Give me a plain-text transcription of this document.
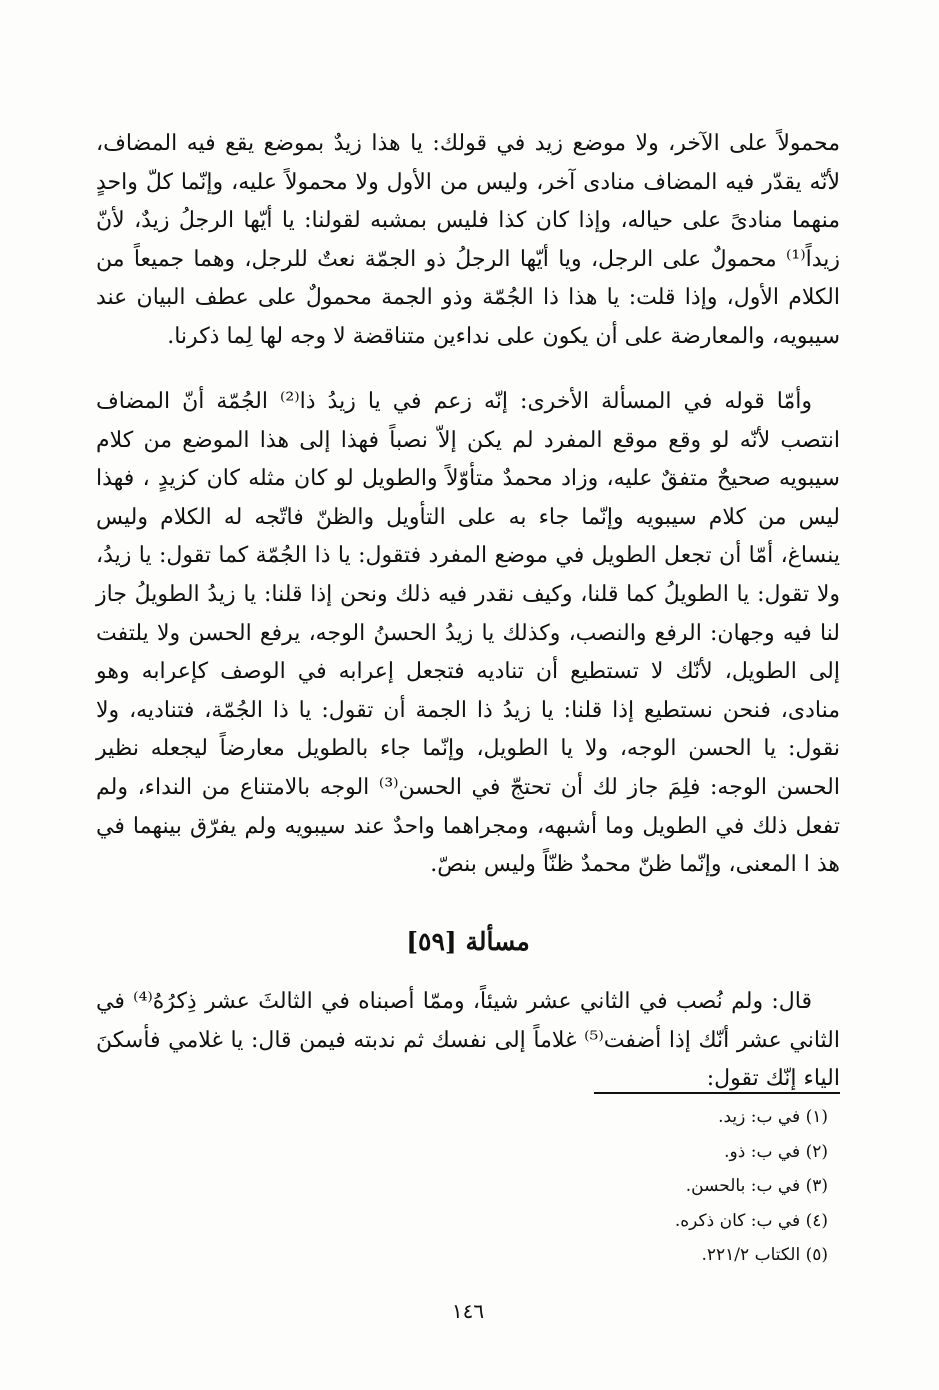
محمولاً على الآخر، ولا موضع زيد في قولك: يا هذا زيدٌ بموضع يقع فيه المضاف، لأنّه يقدّر فيه المضاف منادى آخر، وليس من الأول ولا محمولاً عليه، وإنّما كلّ واحدٍ منهما منادىً على حياله، وإذا كان كذا فليس بمشبه لقولنا: يا أيّها الرجلُ زيدٌ، لأنّ زيداً⁽¹⁾ محمولٌ على الرجل، ويا أيّها الرجلُ ذو الجمّة نعتٌ للرجل، وهما جميعاً من الكلام الأول، وإذا قلت: يا هذا ذا الجُمّة وذو الجمة محمولٌ على عطف البيان عند سيبويه، والمعارضة على أن يكون على نداءين متناقضة لا وجه لها لِما ذكرنا.

وأمّا قوله في المسألة الأخرى: إنّه زعم في يا زيدُ ذا⁽²⁾ الجُمّة أنّ المضاف انتصب لأنّه لو وقع موقع المفرد لم يكن إلاّ نصباً فهذا إلى هذا الموضع من كلام سيبويه صحيحٌ متفقٌ عليه، وزاد محمدٌ متأوّلاً والطويل لو كان مثله كان كزيدٍ ، فهذا ليس من كلام سيبويه وإنّما جاء به على التأويل والظنّ فاتّجه له الكلام وليس ينساغ، أمّا أن تجعل الطويل في موضع المفرد فتقول: يا ذا الجُمّة كما تقول: يا زيدُ، ولا تقول: يا الطويلُ كما قلنا، وكيف نقدر فيه ذلك ونحن إذا قلنا: يا زيدُ الطويلُ جاز لنا فيه وجهان: الرفع والنصب، وكذلك يا زيدُ الحسنُ الوجه، يرفع الحسن ولا يلتفت إلى الطويل، لأنّك لا تستطيع أن تناديه فتجعل إعرابه في الوصف كإعرابه وهو منادى، فنحن نستطيع إذا قلنا: يا زيدُ ذا الجمة أن تقول: يا ذا الجُمّة، فتناديه، ولا نقول: يا الحسن الوجه، ولا يا الطويل، وإنّما جاء بالطويل معارضاً ليجعله نظير الحسن الوجه: فلِمَ جاز لك أن تحتجّ في الحسن⁽³⁾ الوجه بالامتناع من النداء، ولم تفعل ذلك في الطويل وما أشبهه، ومجراهما واحدٌ عند سيبويه ولم يفرّق بينهما في هذ ا المعنى، وإنّما ظنّ محمدٌ ظنّاً وليس بنصّ.

مسألة [٥٩]

قال: ولم نُصب في الثاني عشر شيئاً، وممّا أصبناه في الثالثَ عشر ذِكرُهُ⁽⁴⁾ في الثاني عشر أنّك إذا أضفت⁽⁵⁾ غلاماً إلى نفسك ثم ندبته فيمن قال: يا غلامي فأسكنَ الياء إنّك تقول:

(١) في ب: زيد.
(٢) في ب: ذو.
(٣) في ب: بالحسن.
(٤) في ب: كان ذكره.
(٥) الكتاب ٢٢١/٢.
١٤٦
